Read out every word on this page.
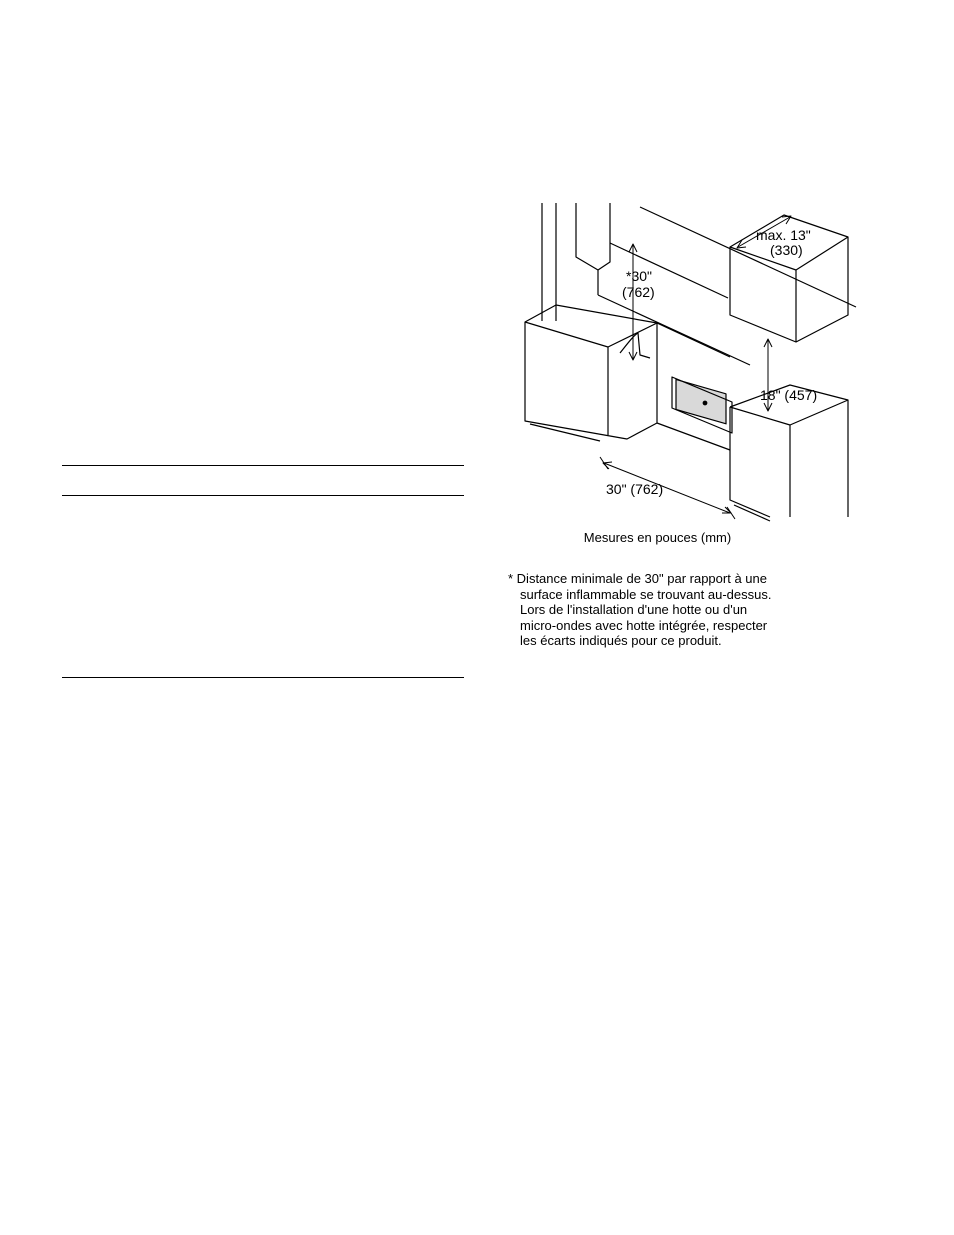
max. 13"
(330)
*30"
(762)
18" (457)
30" (762)
Mesures en pouces (mm)

* Distance minimale de 30" par rapport à une

surface inflammable se trouvant au-dessus.

Lors de l'installation d'une hotte ou d'un

micro-ondes avec hotte intégrée, respecter

les écarts indiqués pour ce produit.
